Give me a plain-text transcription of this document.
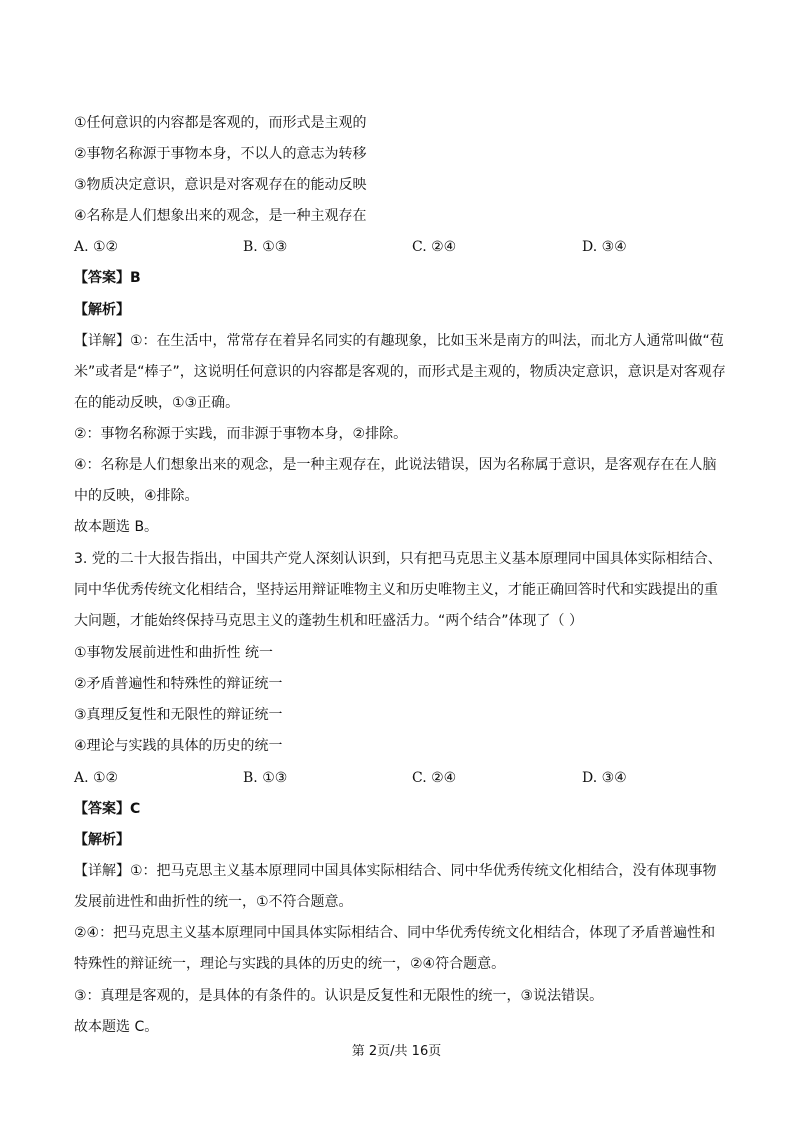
①任何意识的内容都是客观的，而形式是主观的
②事物名称源于事物本身，不以人的意志为转移
③物质决定意识，意识是对客观存在的能动反映
④名称是人们想象出来的观念，是一种主观存在
A. ①②	B. ①③	C. ②④	D. ③④
【答案】B
【解析】
【详解】①：在生活中，常常存在着异名同实的有趣现象，比如玉米是南方的叫法，而北方人通常叫做“苞
米”或者是“棒子”，这说明任何意识的内容都是客观的，而形式是主观的，物质决定意识，意识是对客观存
在的能动反映，①③正确。
②：事物名称源于实践，而非源于事物本身，②排除。
④：名称是人们想象出来的观念，是一种主观存在，此说法错误，因为名称属于意识，是客观存在在人脑
中的反映，④排除。
故本题选 B。
3. 党的二十大报告指出，中国共产党人深刻认识到，只有把马克思主义基本原理同中国具体实际相结合、
同中华优秀传统文化相结合，坚持运用辩证唯物主义和历史唯物主义，才能正确回答时代和实践提出的重
大问题，才能始终保持马克思主义的蓬勃生机和旺盛活力。“两个结合”体现了（ ）
①事物发展前进性和曲折性 统一
②矛盾普遍性和特殊性的辩证统一
③真理反复性和无限性的辩证统一
④理论与实践的具体的历史的统一
A. ①②	B. ①③	C. ②④	D. ③④
【答案】C
【解析】
【详解】①：把马克思主义基本原理同中国具体实际相结合、同中华优秀传统文化相结合，没有体现事物
发展前进性和曲折性的统一，①不符合题意。
②④：把马克思主义基本原理同中国具体实际相结合、同中华优秀传统文化相结合，体现了矛盾普遍性和
特殊性的辩证统一，理论与实践的具体的历史的统一，②④符合题意。
③：真理是客观的，是具体的有条件的。认识是反复性和无限性的统一，③说法错误。
故本题选 C。
第 2页/共 16页
